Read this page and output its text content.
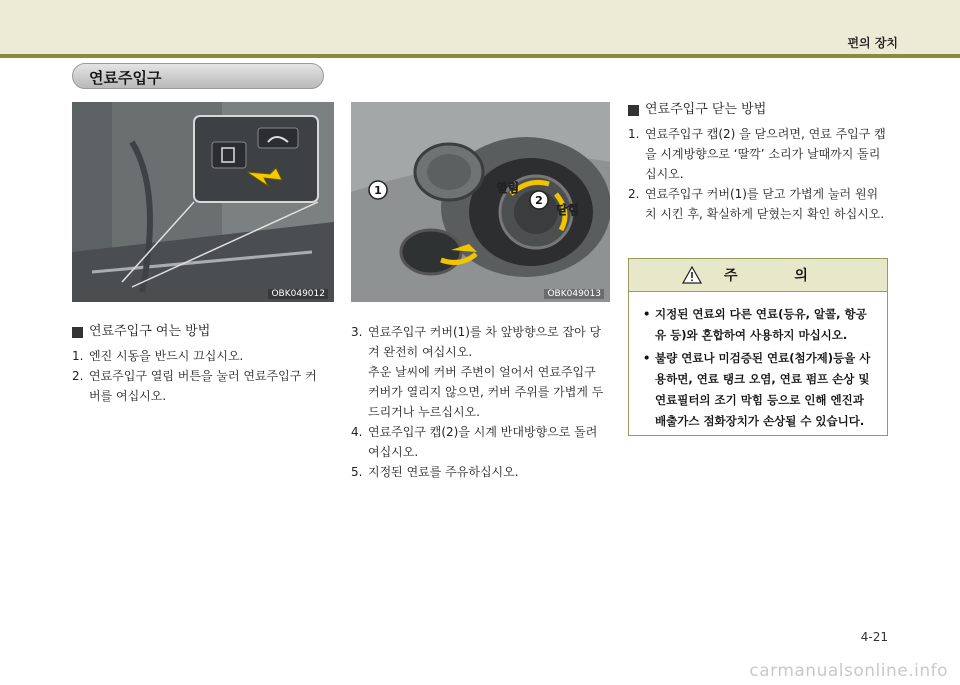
편의 장치
연료주입구
OBK049012
1
2
열림
닫힘
OBK049013
연료주입구 여는 방법
1. 엔진 시동을 반드시 끄십시오.
2. 연료주입구 열림 버튼을 눌러 연료주입구 커
버를 여십시오.
3. 연료주입구 커버(1)를 차 앞방향으로 잡아 당
겨 완전히 여십시오.
추운 날씨에 커버 주변이 얼어서 연료주입구
커버가 열리지 않으면, 커버 주위를 가볍게 두
드리거나 누르십시오.
4. 연료주입구 캡(2)을 시계 반대방향으로 돌려
여십시오.
5. 지정된 연료를 주유하십시오.
연료주입구 닫는 방법
1. 연료주입구 캡(2) 을 닫으려면, 연료 주입구 캡
을 시계방향으로 ‘딸깍’ 소리가 날때까지 돌리
십시오.
2. 연료주입구 커버(1)를 닫고 가볍게 눌러 원위
치 시킨 후, 확실하게 닫혔는지 확인 하십시오.
주 의
• 지정된 연료외 다른 연료(등유, 알콜, 항공
유 등)와 혼합하여 사용하지 마십시오.
• 불량 연료나 미검증된 연료(첨가제)등을 사
용하면, 연료 탱크 오염, 연료 펌프 손상 및
연료필터의 조기 막힘 등으로 인해 엔진과
배출가스 점화장치가 손상될 수 있습니다.
4-21
carmanualsonline.info
